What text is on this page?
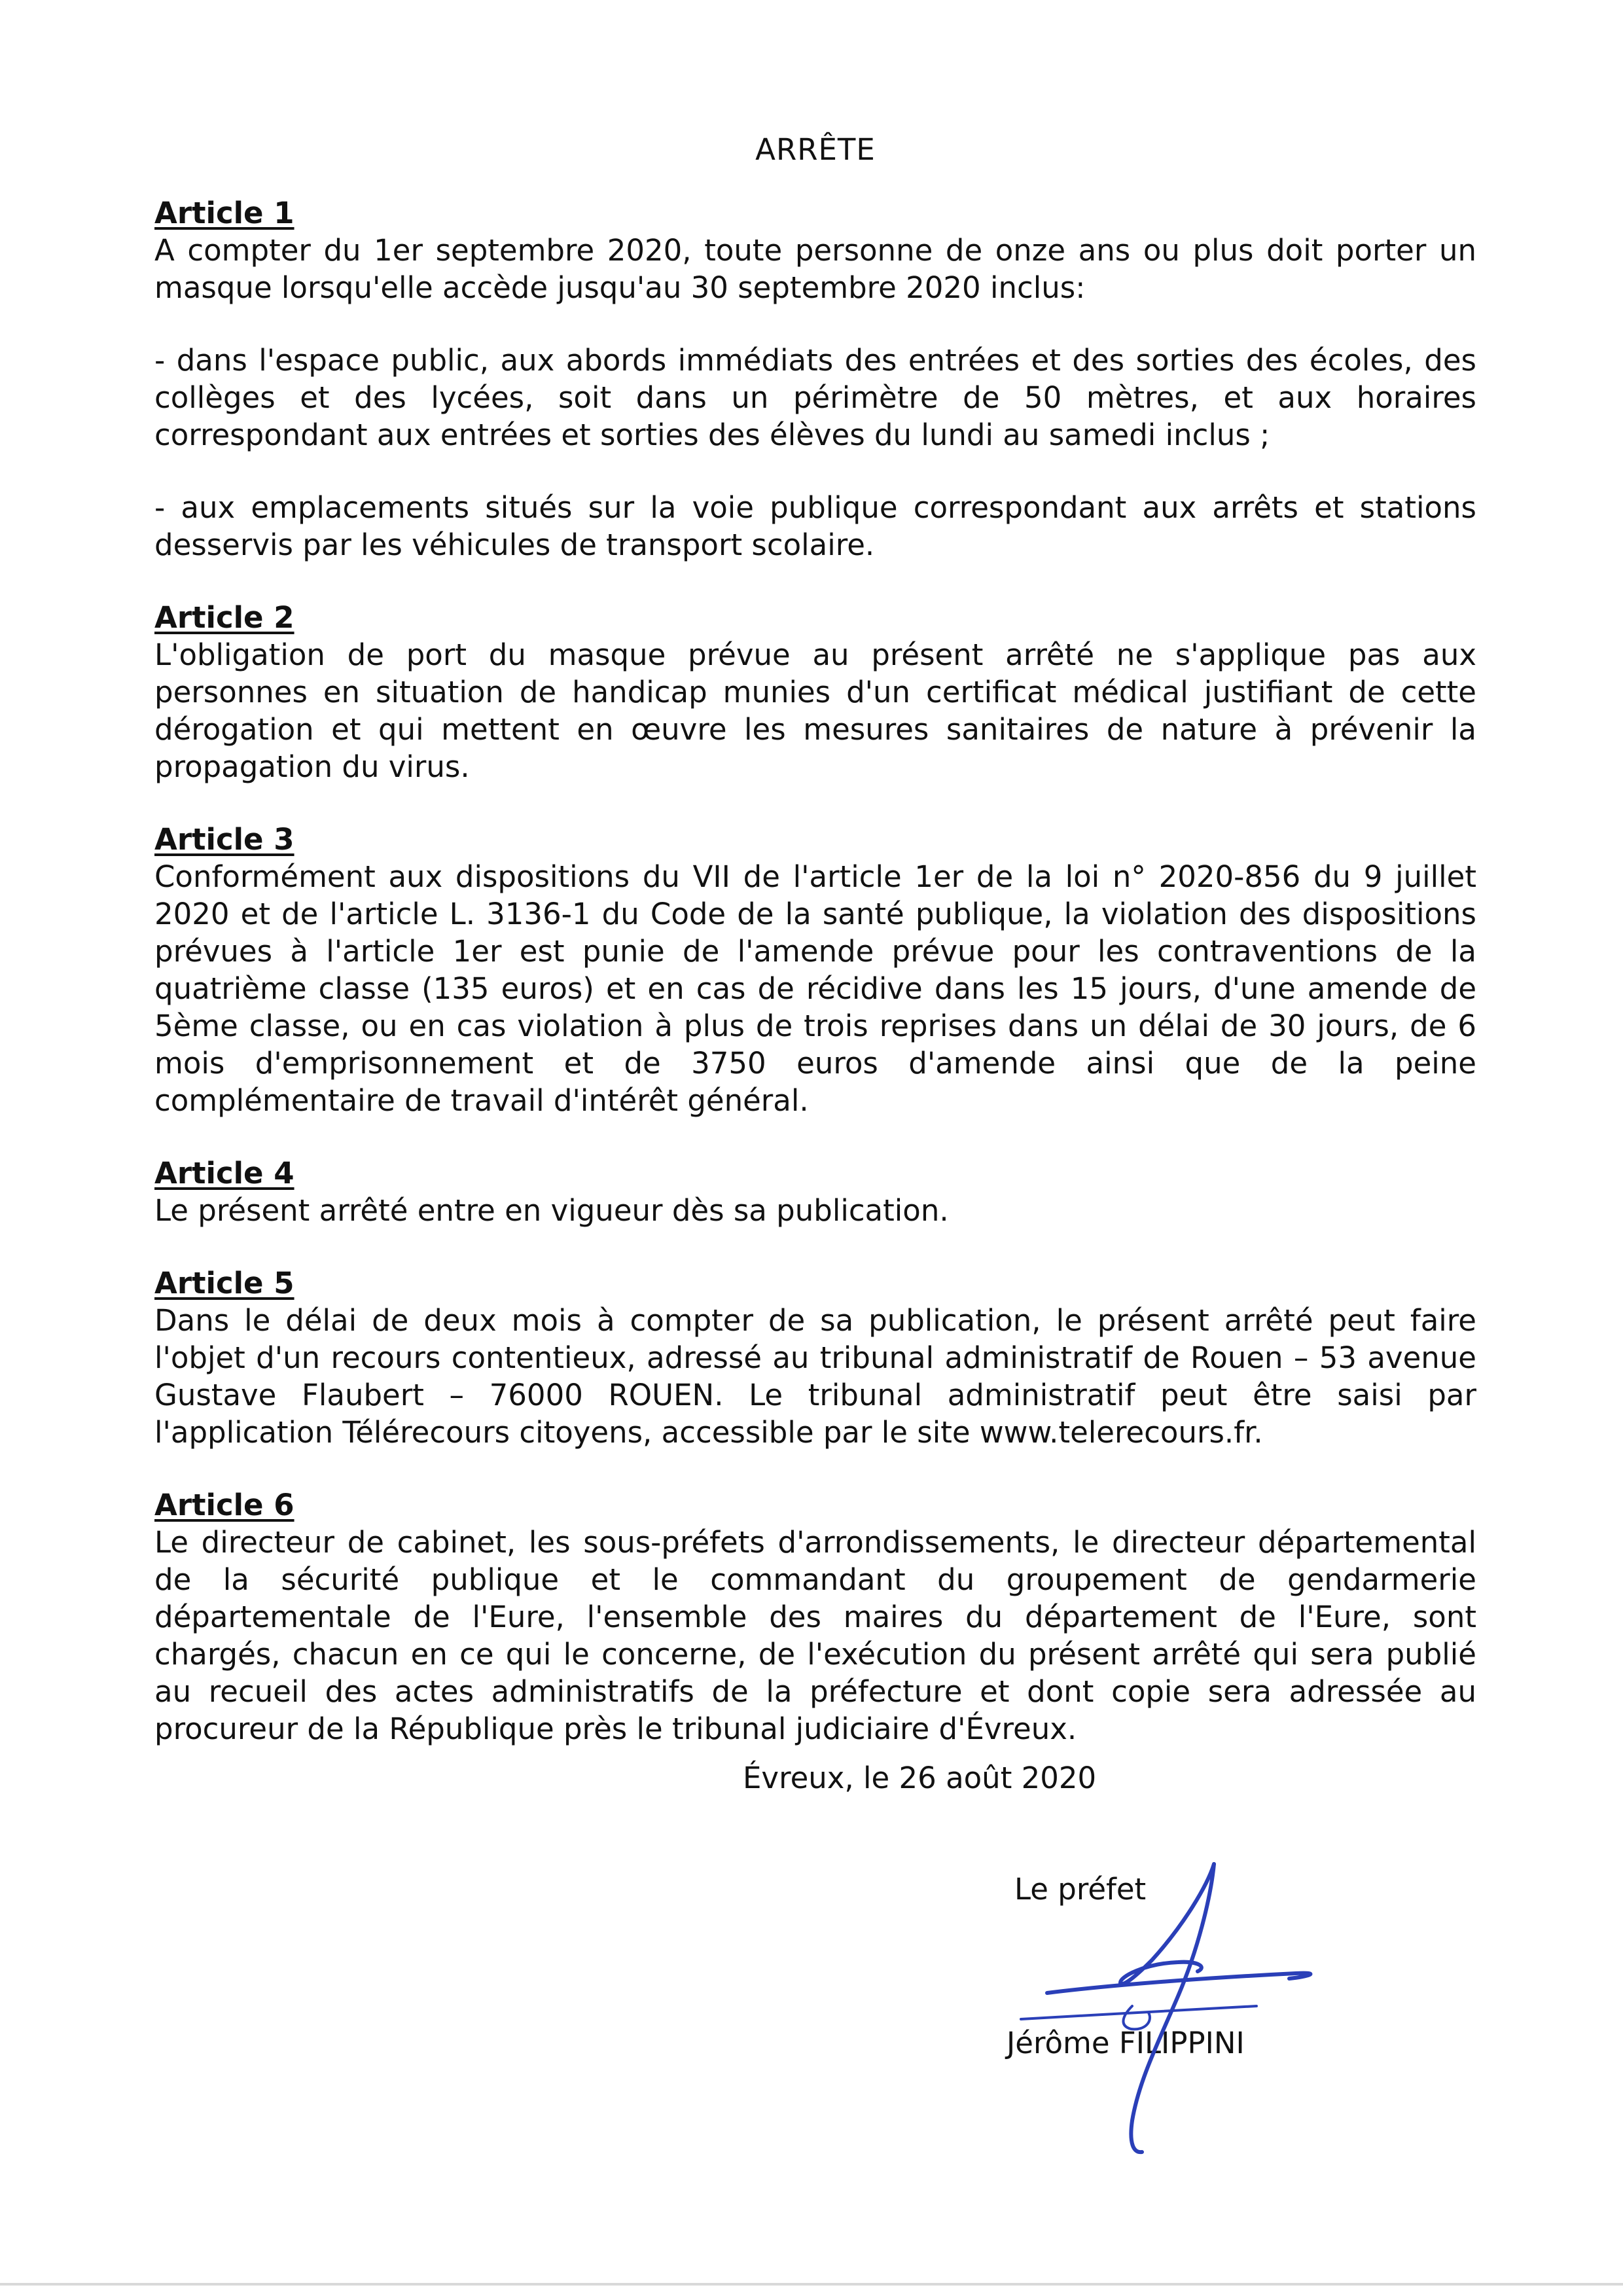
ARRÊTE
Article 1

A compter du 1er septembre 2020, toute personne de onze ans ou plus doit porter un masque lorsqu'elle accède jusqu'au 30 septembre 2020 inclus:

- dans l'espace public, aux abords immédiats des entrées et des sorties des écoles, des collèges et des lycées, soit dans un périmètre de 50 mètres, et aux horaires correspondant aux entrées et sorties des élèves du lundi au samedi inclus ;

- aux emplacements situés sur la voie publique correspondant aux arrêts et stations desservis par les véhicules de transport scolaire.

Article 2

L'obligation de port du masque prévue au présent arrêté ne s'applique pas aux personnes en situation de handicap munies d'un certificat médical justifiant de cette dérogation et qui mettent en œuvre les mesures sanitaires de nature à prévenir la propagation du virus.

Article 3

Conformément aux dispositions du VII de l'article 1er de la loi n° 2020-856 du 9 juillet 2020 et de l'article L. 3136-1 du Code de la santé publique, la violation des dispositions prévues à l'article 1er est punie de l'amende prévue pour les contraventions de la quatrième classe (135 euros) et en cas de récidive dans les 15 jours, d'une amende de 5ème classe, ou en cas violation à plus de trois reprises dans un délai de 30 jours, de 6 mois d'emprisonnement et de 3750 euros d'amende ainsi que de la peine complémentaire de travail d'intérêt général.

Article 4

Le présent arrêté entre en vigueur dès sa publication.

Article 5

Dans le délai de deux mois à compter de sa publication, le présent arrêté peut faire l'objet d'un recours contentieux, adressé au tribunal administratif de Rouen – 53 avenue Gustave Flaubert – 76000 ROUEN. Le tribunal administratif peut être saisi par l'application Télérecours citoyens, accessible par le site www.telerecours.fr.

Article 6

Le directeur de cabinet, les sous-préfets d'arrondissements, le directeur départemental de la sécurité publique et le commandant du groupement de gendarmerie départementale de l'Eure, l'ensemble des maires du département de l'Eure, sont chargés, chacun en ce qui le concerne, de l'exécution du présent arrêté qui sera publié au recueil des actes administratifs de la préfecture et dont copie sera adressée au procureur de la République près le tribunal judiciaire d'Évreux.

Évreux, le 26 août 2020
Le préfet
Jérôme FILIPPINI
